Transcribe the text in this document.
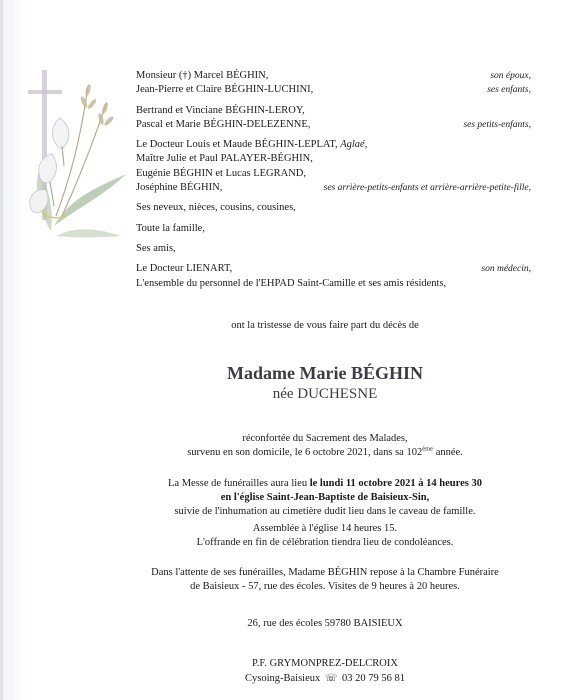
Monsieur (†) Marcel BÉGHIN,	son époux,
Jean-Pierre et Claire BÉGHIN-LUCHINI,	ses enfants,
Bertrand et Vinciane BÉGHIN-LEROY,
Pascal et Marie BÉGHIN-DELEZENNE,	ses petits-enfants,
Le Docteur Louis et Maude BÉGHIN-LEPLAT, Aglaé,
Maître Julie et Paul PALAYER-BÉGHIN,
Eugénie BÉGHIN et Lucas LEGRAND,
Joséphine BÉGHIN,	ses arrière-petits-enfants et arrière-arrière-petite-fille,
Ses neveux, nièces, cousins, cousines,
Toute la famille,
Ses amis,
Le Docteur LIENART,	son médecin,
L'ensemble du personnel de l'EHPAD Saint-Camille et ses amis résidents,
ont la tristesse de vous faire part du décès de
Madame Marie BÉGHIN
née DUCHESNE
réconfortée du Sacrement des Malades,
survenu en son domicile, le 6 octobre 2021, dans sa 102ème année.
La Messe de funérailles aura lieu le lundi 11 octobre 2021 à 14 heures 30
en l'église Saint-Jean-Baptiste de Baisieux-Sin,
suivie de l'inhumation au cimetière dudit lieu dans le caveau de famille.
Assemblée à l'église 14 heures 15.
L'offrande en fin de célébration tiendra lieu de condoléances.
Dans l'attente de ses funérailles, Madame BÉGHIN repose à la Chambre Funéraire
de Baisieux - 57, rue des écoles. Visites de 9 heures à 20 heures.
26, rue des écoles 59780 BAISIEUX
P.F. GRYMONPREZ-DELCROIX
Cysoing-Baisieux ☏ 03 20 79 56 81
